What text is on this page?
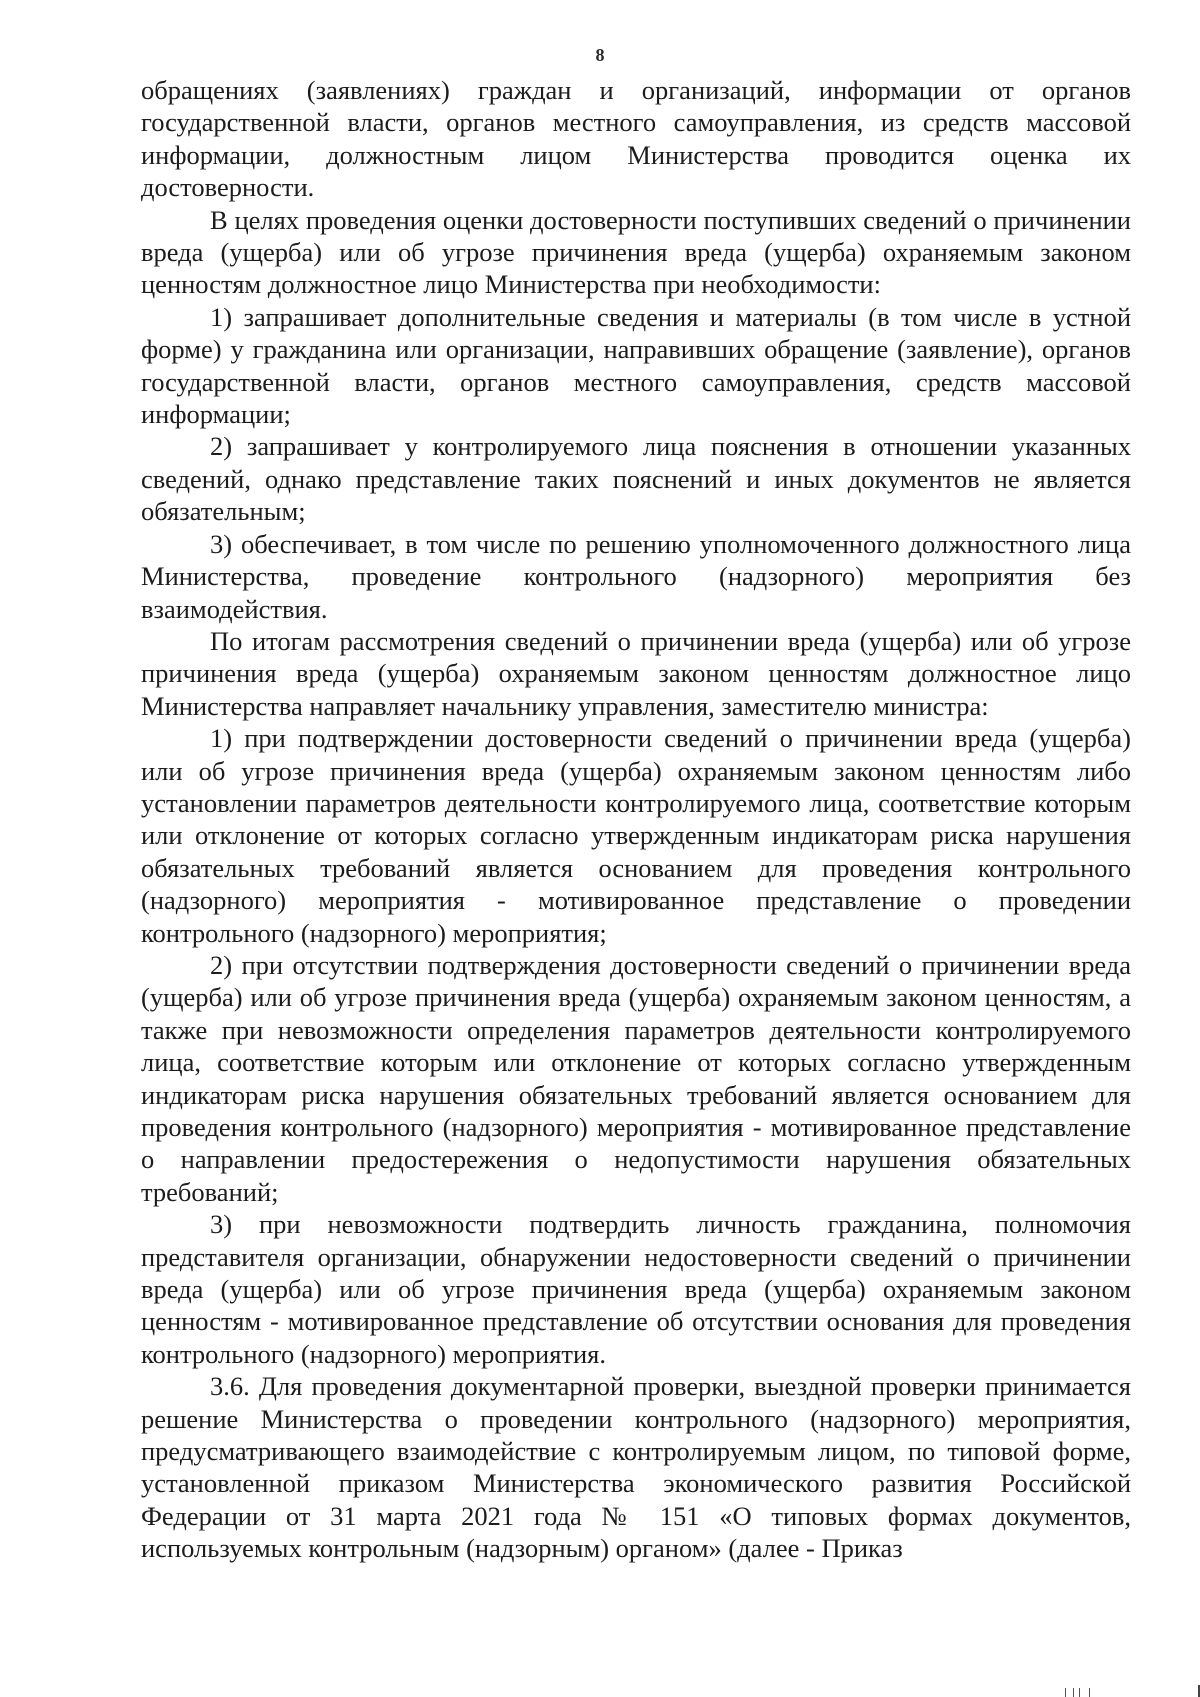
8

обращениях (заявлениях) граждан и организаций, информации от органов государственной власти, органов местного самоуправления, из средств массовой информации, должностным лицом Министерства проводится оценка их достоверности.

В целях проведения оценки достоверности поступивших сведений о причинении вреда (ущерба) или об угрозе причинения вреда (ущерба) охраняемым законом ценностям должностное лицо Министерства при необходимости:

1) запрашивает дополнительные сведения и материалы (в том числе в устной форме) у гражданина или организации, направивших обращение (заявление), органов государственной власти, органов местного самоуправления, средств массовой информации;

2) запрашивает у контролируемого лица пояснения в отношении указанных сведений, однако представление таких пояснений и иных документов не является обязательным;

3) обеспечивает, в том числе по решению уполномоченного должностного лица Министерства, проведение контрольного (надзорного) мероприятия без взаимодействия.

По итогам рассмотрения сведений о причинении вреда (ущерба) или об угрозе причинения вреда (ущерба) охраняемым законом ценностям должностное лицо Министерства направляет начальнику управления, заместителю министра:

1) при подтверждении достоверности сведений о причинении вреда (ущерба) или об угрозе причинения вреда (ущерба) охраняемым законом ценностям либо установлении параметров деятельности контролируемого лица, соответствие которым или отклонение от которых согласно утвержденным индикаторам риска нарушения обязательных требований является основанием для проведения контрольного (надзорного) мероприятия - мотивированное представление о проведении контрольного (надзорного) мероприятия;

2) при отсутствии подтверждения достоверности сведений о причинении вреда (ущерба) или об угрозе причинения вреда (ущерба) охраняемым законом ценностям, а также при невозможности определения параметров деятельности контролируемого лица, соответствие которым или отклонение от которых согласно утвержденным индикаторам риска нарушения обязательных требований является основанием для проведения контрольного (надзорного) мероприятия - мотивированное представление о направлении предостережения о недопустимости нарушения обязательных требований;

3) при невозможности подтвердить личность гражданина, полномочия представителя организации, обнаружении недостоверности сведений о причинении вреда (ущерба) или об угрозе причинения вреда (ущерба) охраняемым законом ценностям - мотивированное представление об отсутствии основания для проведения контрольного (надзорного) мероприятия.

3.6. Для проведения документарной проверки, выездной проверки принимается решение Министерства о проведении контрольного (надзорного) мероприятия, предусматривающего взаимодействие с контролируемым лицом, по типовой форме, установленной приказом Министерства экономического развития Российской Федерации от 31 марта 2021 года № 151 «О типовых формах документов, используемых контрольным (надзорным) органом» (далее - Приказ
